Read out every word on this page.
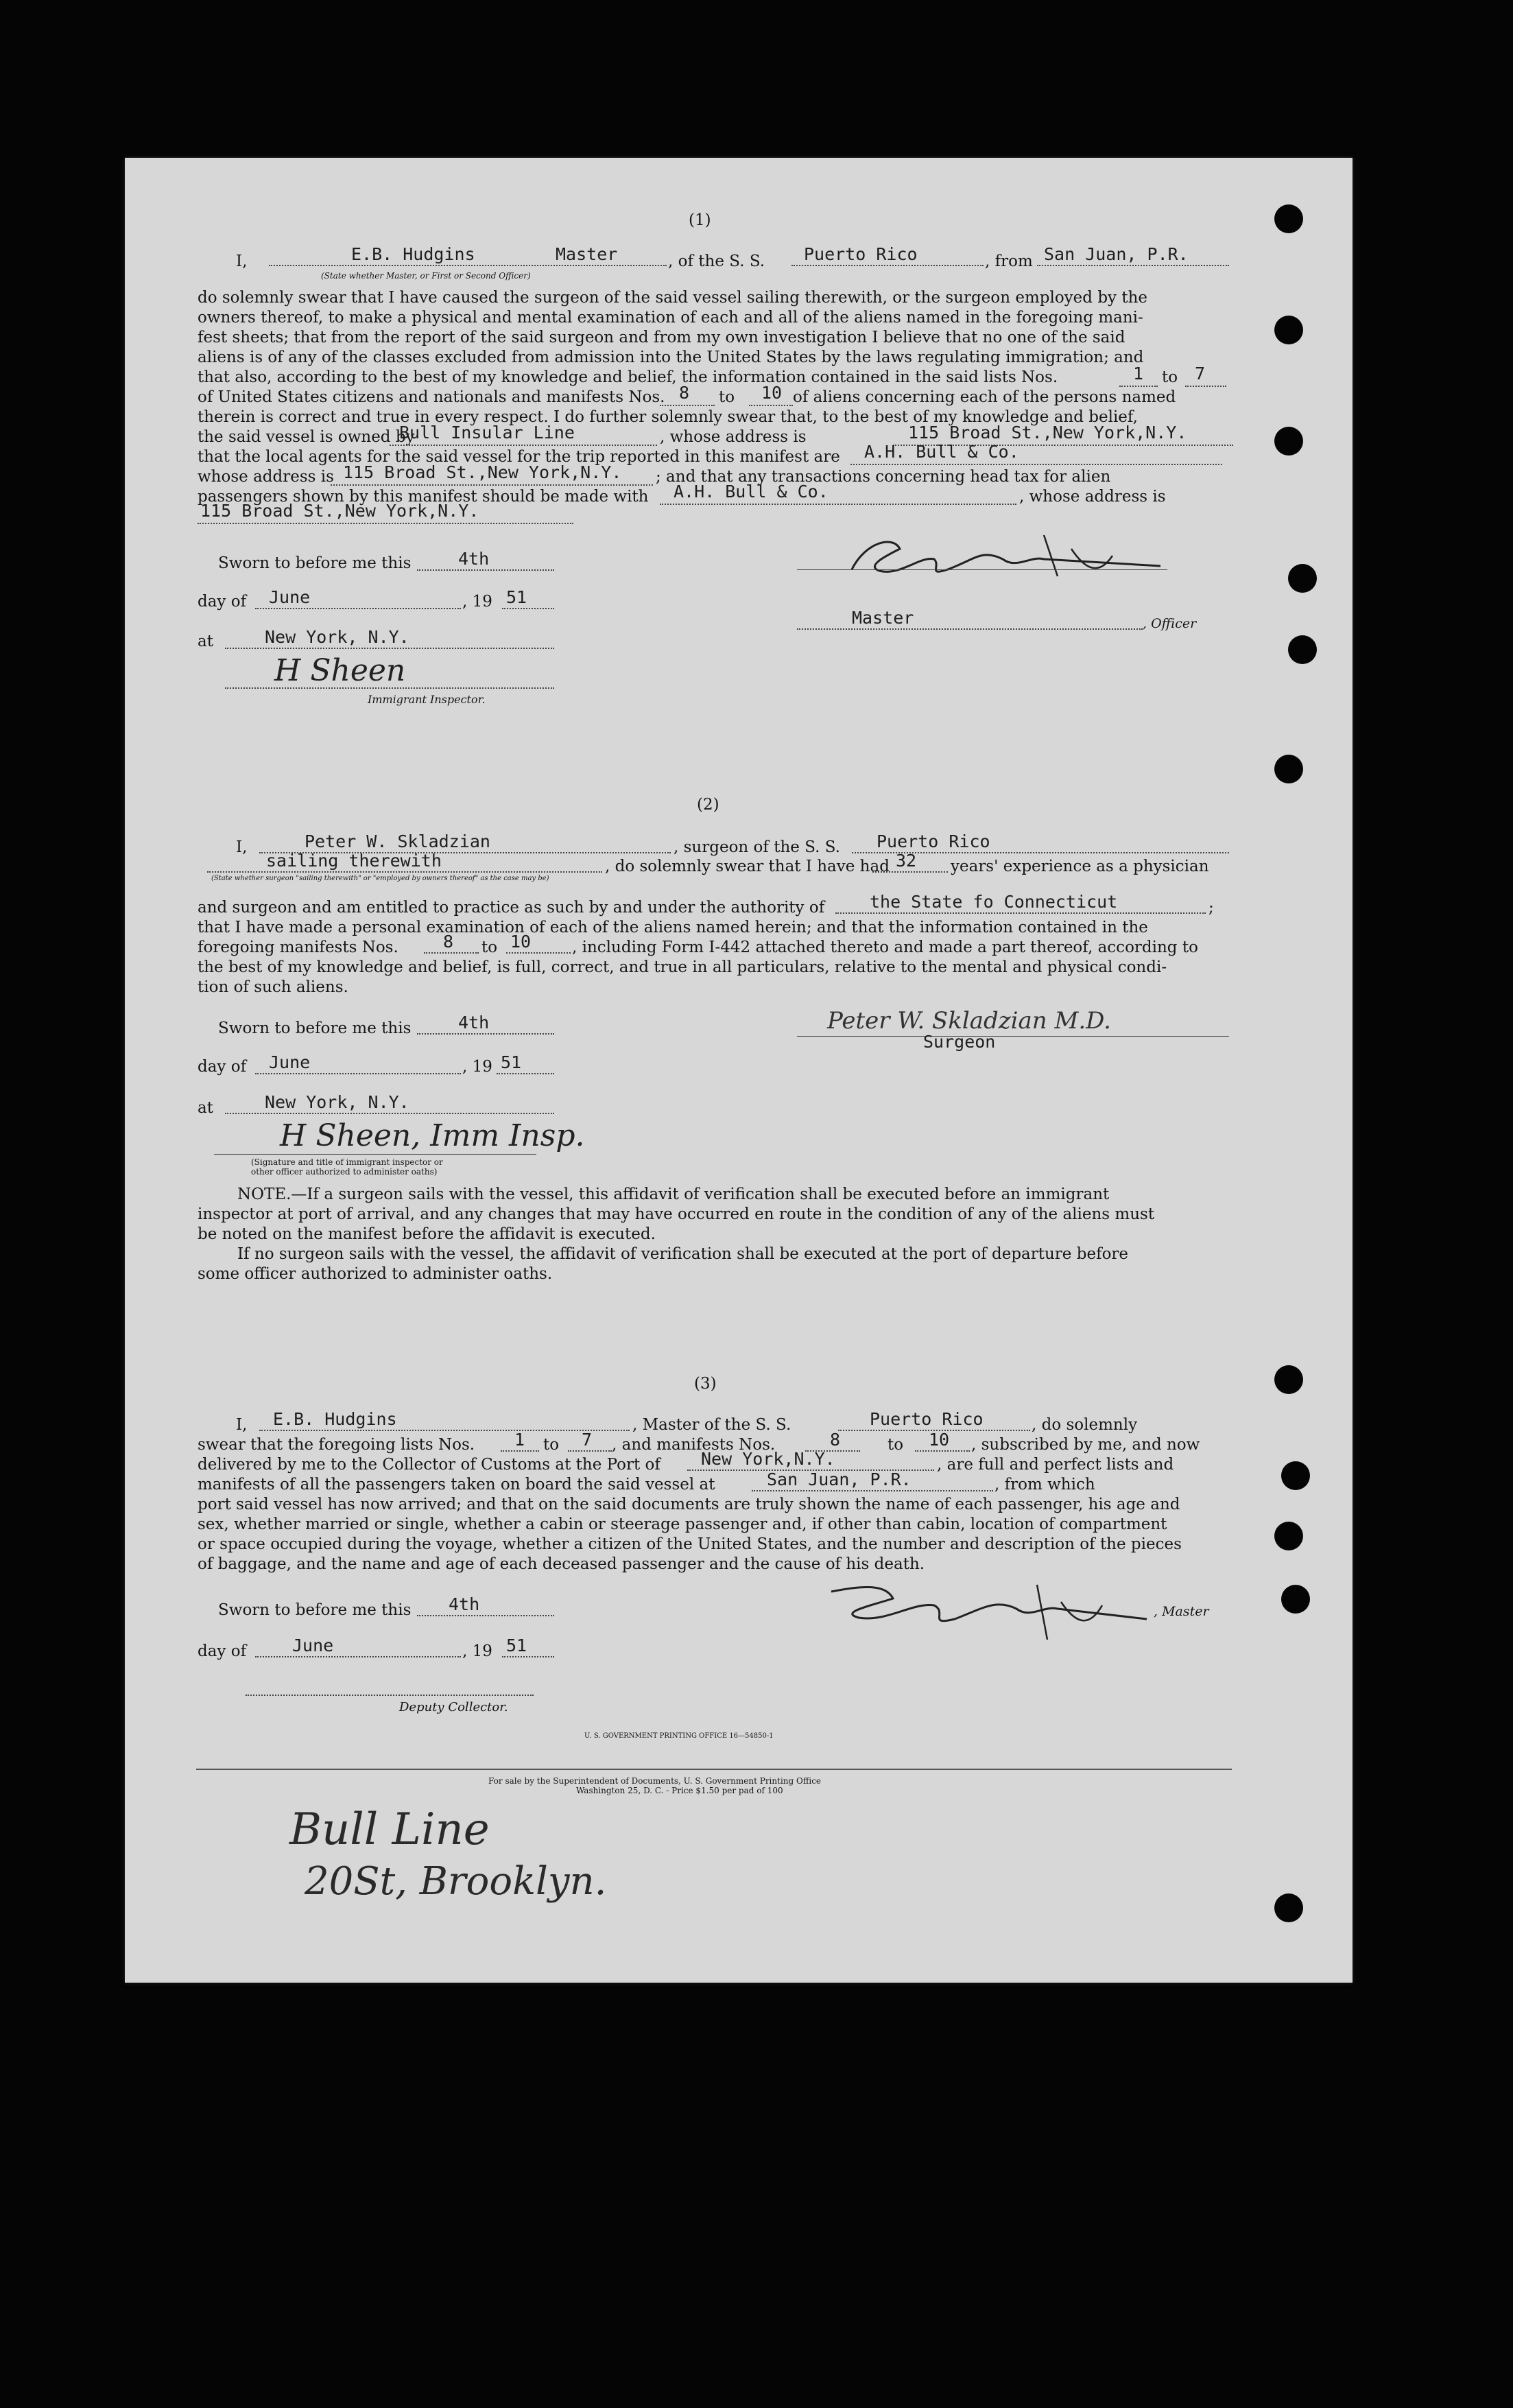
(1)
I,	E.B. Hudgins	Master
(State whether Master, or First or Second Officer)
, of the S. S. Puerto Rico	, from San Juan, P.R.
do solemnly swear that I have caused the surgeon of the said vessel sailing therewith, or the surgeon employed by the
owners thereof, to make a physical and mental examination of each and all of the aliens named in the foregoing mani-
fest sheets; that from the report of the said surgeon and from my own investigation I believe that no one of the said
aliens is of any of the classes excluded from admission into the United States by the laws regulating immigration; and
that also, according to the best of my knowledge and belief, the information contained in the said lists Nos.	1 to 7
of United States citizens and nationals and manifests Nos. 8 to 10 of aliens concerning each of the persons named
therein is correct and true in every respect. I do further solemnly swear that, to the best of my knowledge and belief,
the said vessel is owned by
Bull Insular Line	, whose address is	115 Broad St.,New York,N.Y.
that the local agents for the said vessel for the trip reported in this manifest are A.H. Bull & Co.
whose address is 115 Broad St.,New York,N.Y. ; and that any transactions concerning head tax for alien
passengers shown by this manifest should be made with A.H. Bull & Co.	, whose address is
115 Broad St.,New York,N.Y.
Sworn to before me this	4th
day of June	, 19 51
at	New York, N.Y.
H Sheen
Immigrant Inspector.
Master	, Officer
(2)
I,	Peter W. Skladzian	, surgeon of the S. S. Puerto Rico
sailing therewith	, do solemnly swear that I have had 32 years' experience as a physician
(State whether surgeon "sailing therewith" or "employed by owners thereof" as the case may be)
and surgeon and am entitled to practice as such by and under the authority of	the State fo Connecticut	;
that I have made a personal examination of each of the aliens named herein; and that the information contained in the
foregoing manifests Nos.	8 to 10	, including Form I-442 attached thereto and made a part thereof, according to
the best of my knowledge and belief, is full, correct, and true in all particulars, relative to the mental and physical condi-
tion of such aliens.
Sworn to before me this	4th
day of June	, 19 51
at	New York, N.Y.
Peter W. Skladzian M.D.
Surgeon
H Sheen, Imm Insp.
(Signature and title of immigrant inspector or
other officer authorized to administer oaths)
NOTE.—If a surgeon sails with the vessel, this affidavit of verification shall be executed before an immigrant
inspector at port of arrival, and any changes that may have occurred en route in the condition of any of the aliens must
be noted on the manifest before the affidavit is executed.
If no surgeon sails with the vessel, the affidavit of verification shall be executed at the port of departure before
some officer authorized to administer oaths.
(3)
I, E.B. Hudgins	, Master of the S. S.	Puerto Rico	, do solemnly
swear that the foregoing lists Nos. 1 to 7 , and manifests Nos.	8	to 10 , subscribed by me, and now
delivered by me to the Collector of Customs at the Port of New York,N.Y.	, are full and perfect lists and
manifests of all the passengers taken on board the said vessel at	San Juan, P.R.	, from which
port said vessel has now arrived; and that on the said documents are truly shown the name of each passenger, his age and
sex, whether married or single, whether a cabin or steerage passenger and, if other than cabin, location of compartment
or space occupied during the voyage, whether a citizen of the United States, and the number and description of the pieces
of baggage, and the name and age of each deceased passenger and the cause of his death.
Sworn to before me this 4th
day of	June	, 19 51
Deputy Collector.
, Master
U. S. GOVERNMENT PRINTING OFFICE 16—54850-1
For sale by the Superintendent of Documents, U. S. Government Printing Office
Washington 25, D. C. - Price $1.50 per pad of 100
Bull Line
20St, Brooklyn.
